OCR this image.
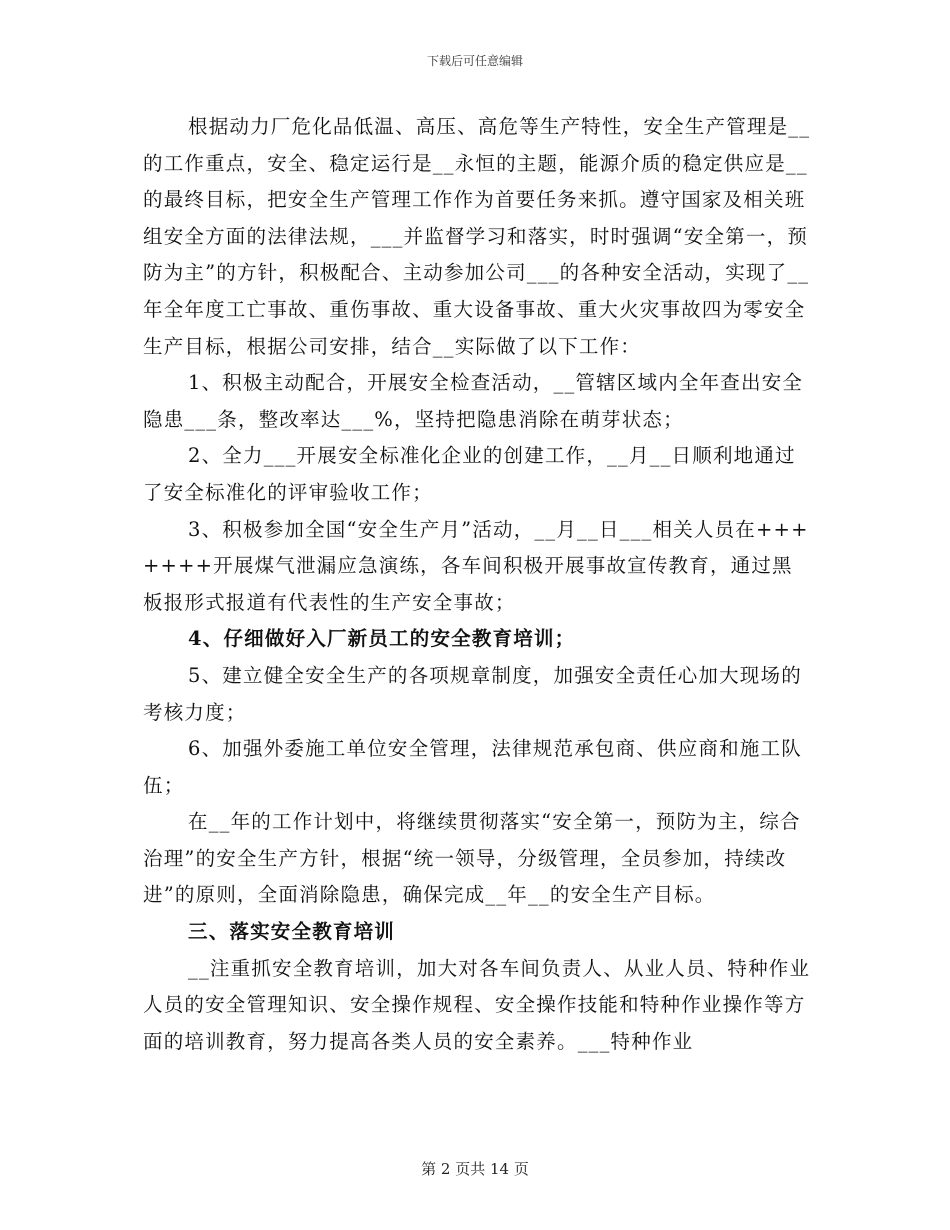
下载后可任意编辑

根据动力厂危化品低温、高压、高危等生产特性，安全生产管理是__的工作重点，安全、稳定运行是__永恒的主题，能源介质的稳定供应是__的最终目标，把安全生产管理工作作为首要任务来抓。遵守国家及相关班组安全方面的法律法规，___并监督学习和落实，时时强调“安全第一，预防为主”的方针，积极配合、主动参加公司___的各种安全活动，实现了__年全年度工亡事故、重伤事故、重大设备事故、重大火灾事故四为零安全生产目标，根据公司安排，结合__实际做了以下工作：

1、积极主动配合，开展安全检查活动，__管辖区域内全年查出安全隐患___条，整改率达___%，坚持把隐患消除在萌芽状态；

2、全力___开展安全标准化企业的创建工作，__月__日顺利地通过了安全标准化的评审验收工作；

3、积极参加全国“安全生产月”活动，__月__日___相关人员在+++++++开展煤气泄漏应急演练，各车间积极开展事故宣传教育，通过黑板报形式报道有代表性的生产安全事故；

4、仔细做好入厂新员工的安全教育培训；

5、建立健全安全生产的各项规章制度，加强安全责任心加大现场的考核力度；

6、加强外委施工单位安全管理，法律规范承包商、供应商和施工队伍；

在__年的工作计划中，将继续贯彻落实“安全第一，预防为主，综合治理”的安全生产方针，根据“统一领导，分级管理，全员参加，持续改进”的原则，全面消除隐患，确保完成__年__的安全生产目标。

三、落实安全教育培训

__注重抓安全教育培训，加大对各车间负责人、从业人员、特种作业人员的安全管理知识、安全操作规程、安全操作技能和特种作业操作等方面的培训教育，努力提高各类人员的安全素养。___特种作业

第 2 页共 14 页
